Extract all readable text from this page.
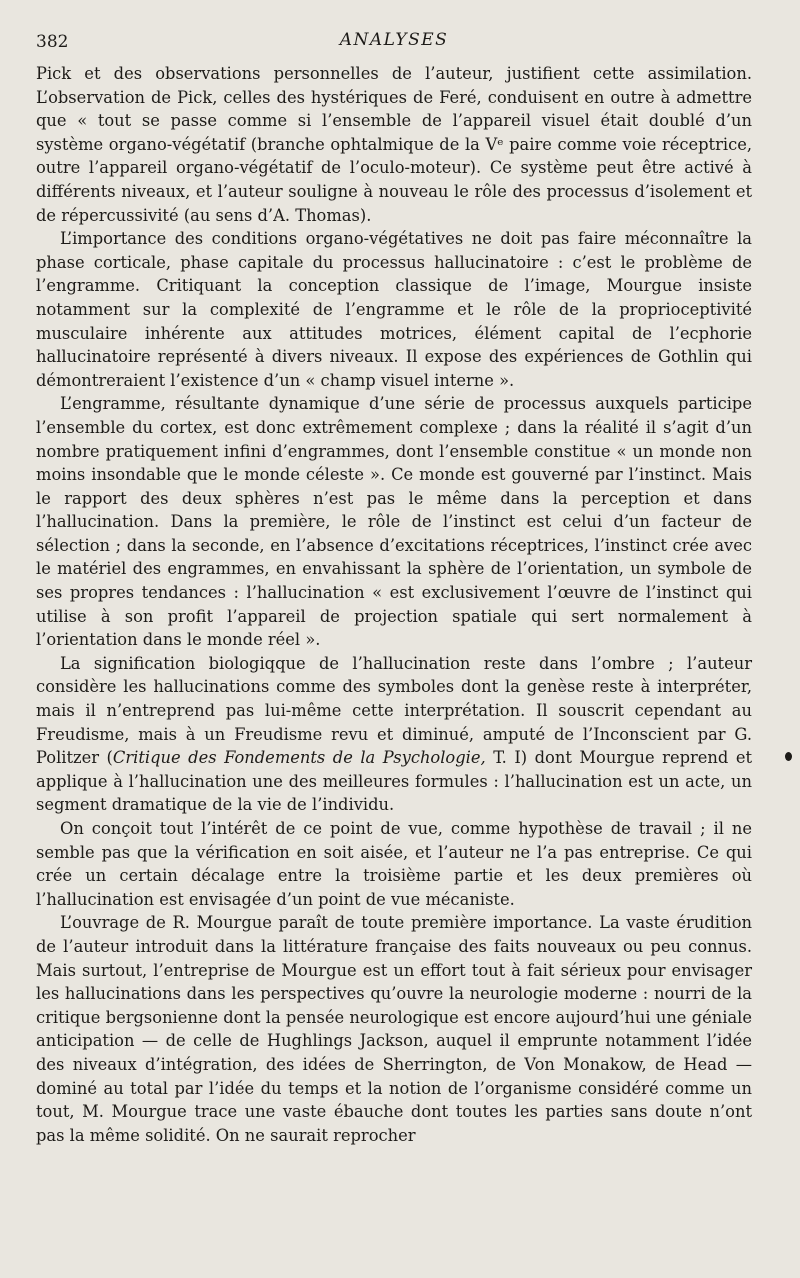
382	ANALYSES

Pick et des observations personnelles de l’auteur, justifient cette assimilation. L’observation de Pick, celles des hystériques de Feré, conduisent en outre à admettre que « tout se passe comme si l’ensemble de l’appareil visuel était doublé d’un système organo-végétatif (branche ophtalmique de la Vᵉ paire comme voie réceptrice, outre l’appareil organo-végétatif de l’oculo-moteur). Ce système peut être activé à différents niveaux, et l’auteur souligne à nouveau le rôle des processus d’isolement et de répercussivité (au sens d’A. Thomas).

L’importance des conditions organo-végétatives ne doit pas faire méconnaître la phase corticale, phase capitale du processus hallucinatoire : c’est le problème de l’engramme. Critiquant la conception classique de l’image, Mourgue insiste notamment sur la complexité de l’engramme et le rôle de la proprioceptivité musculaire inhérente aux attitudes motrices, élément capital de l’ecphorie hallucinatoire représenté à divers niveaux. Il expose des expériences de Gothlin qui démontreraient l’existence d’un « champ visuel interne ».

L’engramme, résultante dynamique d’une série de processus auxquels participe l’ensemble du cortex, est donc extrêmement complexe ; dans la réalité il s’agit d’un nombre pratiquement infini d’engrammes, dont l’ensemble constitue « un monde non moins insondable que le monde céleste ». Ce monde est gouverné par l’instinct. Mais le rapport des deux sphères n’est pas le même dans la perception et dans l’hallucination. Dans la première, le rôle de l’instinct est celui d’un facteur de sélection ; dans la seconde, en l’absence d’excitations réceptrices, l’instinct crée avec le matériel des engrammes, en envahissant la sphère de l’orientation, un symbole de ses propres tendances : l’hallucination « est exclusivement l’œuvre de l’instinct qui utilise à son profit l’appareil de projection spatiale qui sert normalement à l’orientation dans le monde réel ».

La signification biologiqque de l’hallucination reste dans l’ombre ; l’auteur considère les hallucinations comme des symboles dont la genèse reste à interpréter, mais il n’entreprend pas lui-même cette interprétation. Il souscrit cependant au Freudisme, mais à un Freudisme revu et diminué, amputé de l’Inconscient par G. Politzer (Critique des Fondements de la Psychologie, T. I) dont Mourgue reprend et applique à l’hallucination une des meilleures formules : l’hallucination est un acte, un segment dramatique de la vie de l’individu.

On conçoit tout l’intérêt de ce point de vue, comme hypothèse de travail ; il ne semble pas que la vérification en soit aisée, et l’auteur ne l’a pas entreprise. Ce qui crée un certain décalage entre la troisième partie et les deux premières où l’hallucination est envisagée d’un point de vue mécaniste.

L’ouvrage de R. Mourgue paraît de toute première importance. La vaste érudition de l’auteur introduit dans la littérature française des faits nouveaux ou peu connus. Mais surtout, l’entreprise de Mourgue est un effort tout à fait sérieux pour envisager les hallucinations dans les perspectives qu’ouvre la neurologie moderne : nourri de la critique bergsonienne dont la pensée neurologique est encore aujourd’hui une géniale anticipation — de celle de Hughlings Jackson, auquel il emprunte notamment l’idée des niveaux d’intégration, des idées de Sherrington, de Von Monakow, de Head — dominé au total par l’idée du temps et la notion de l’organisme considéré comme un tout, M. Mourgue trace une vaste ébauche dont toutes les parties sans doute n’ont pas la même solidité. On ne saurait reprocher
